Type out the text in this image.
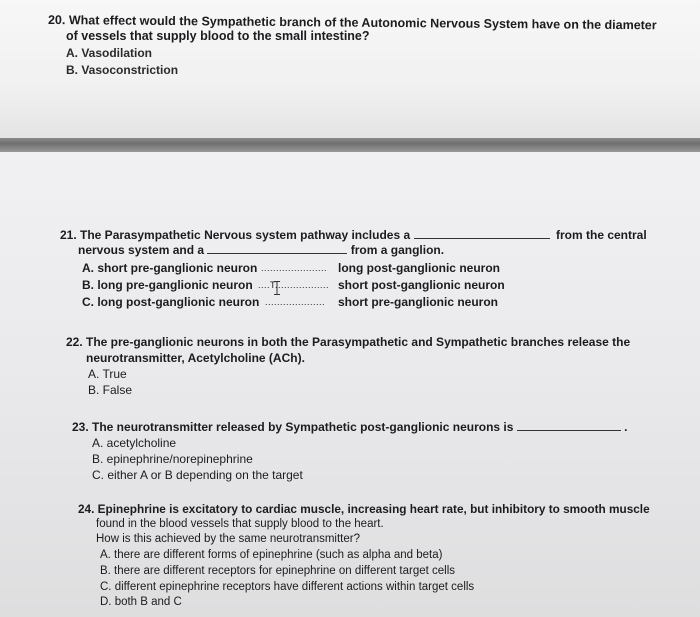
20. What effect would the Sympathetic branch of the Autonomic Nervous System have on the diameter
of vessels that supply blood to the small intestine?
A. Vasodilation
B. Vasoconstriction
21. The Parasympathetic Nervous system pathway includes a	from the central
nervous system and a	from a ganglion.
A. short pre-ganglionic neuron ...................... long post-ganglionic neuron
B. long pre-ganglionic neuron ....T.................. short post-ganglionic neuron
C. long post-ganglionic neuron .................... short pre-ganglionic neuron
22. The pre-ganglionic neurons in both the Parasympathetic and Sympathetic branches release the
neurotransmitter, Acetylcholine (ACh).
A. True
B. False
23. The neurotransmitter released by Sympathetic post-ganglionic neurons is	.
A. acetylcholine
B. epinephrine/norepinephrine
C. either A or B depending on the target
24. Epinephrine is excitatory to cardiac muscle, increasing heart rate, but inhibitory to smooth muscle
found in the blood vessels that supply blood to the heart.
How is this achieved by the same neurotransmitter?
A. there are different forms of epinephrine (such as alpha and beta)
B. there are different receptors for epinephrine on different target cells
C. different epinephrine receptors have different actions within target cells
D. both B and C
